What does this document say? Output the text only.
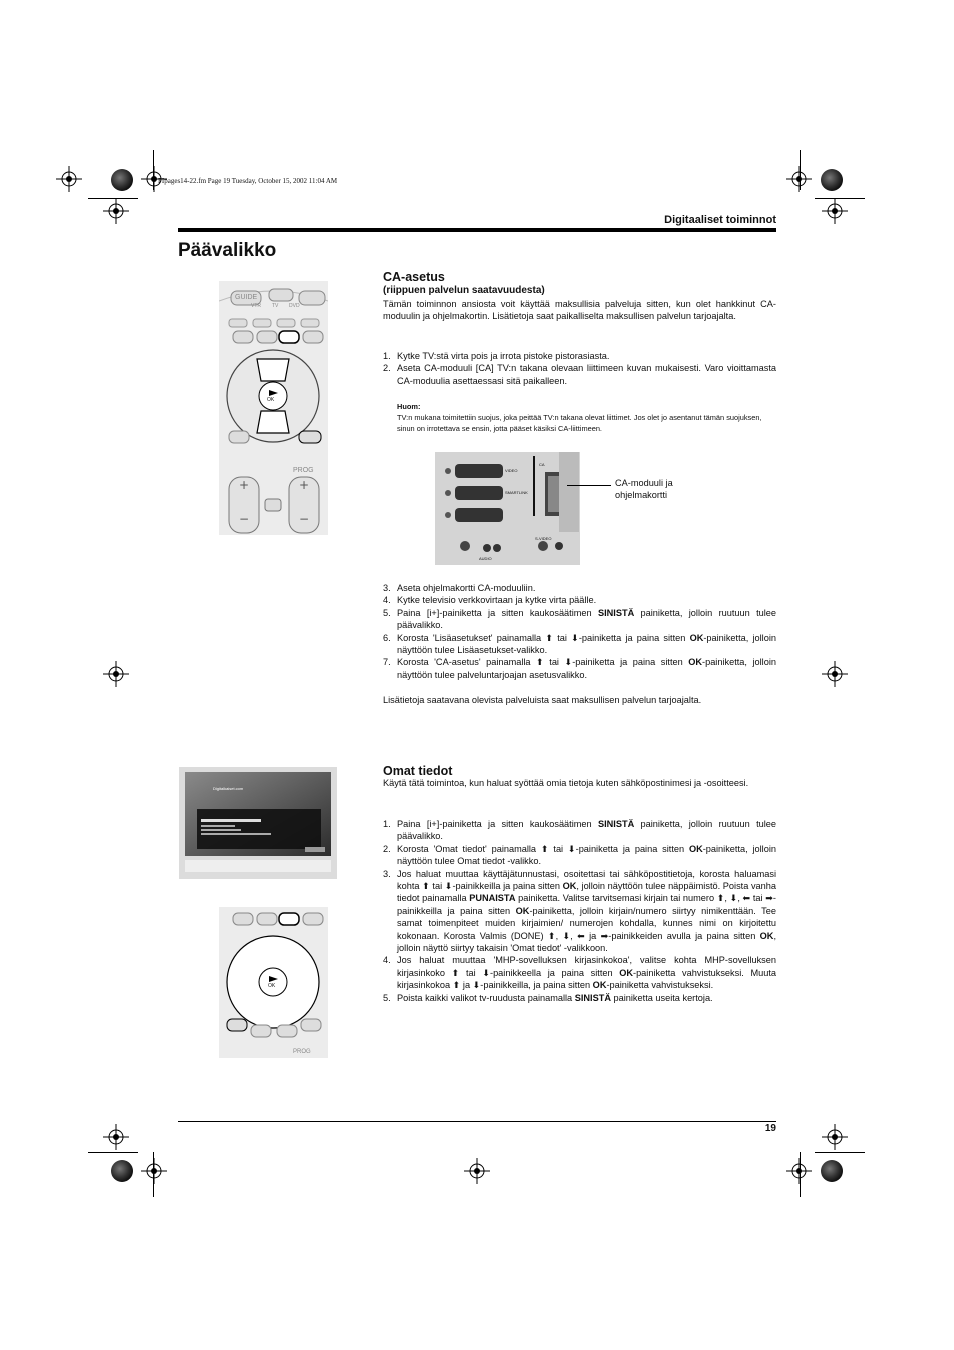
FIpages14-22.fm Page 19 Tuesday, October 15, 2002 11:04 AM
Digitaaliset toiminnot
Päävalikko
+
−
+
−
GUIDE
VTR TV DVD
OK
PROG
CA-asetus
(riippuen palvelun saatavuudesta)

Tämän toiminnon ansiosta voit käyttää maksullisia palveluja sitten, kun olet hankkinut CA-moduulin ja ohjelmakortin. Lisätietoja saat paikalliselta maksullisen palvelun tarjoajalta.

1. Kytke TV:stä virta pois ja irrota pistoke pistorasiasta.
2. Aseta CA-moduuli [CA] TV:n takana olevaan liittimeen kuvan mukaisesti. Varo vioittamasta CA-moduulia asettaessasi sitä paikalleen.
Huom:
TV:n mukana toimitettiin suojus, joka peittää TV:n takana olevat liittimet. Jos olet jo asentanut tämän suojuksen, sinun on irrotettava se ensin, jotta pääset käsiksi CA-liittimeen.
VIDEO
SMARTLINK
CA
S-VIDEO
AUDIO
CA-moduuli ja ohjelmakortti
3. Aseta ohjelmakortti CA-moduuliin.
4. Kytke televisio verkkovirtaan ja kytke virta päälle.
5. Paina [i+]-painiketta ja sitten kaukosäätimen SINISTÄ painiketta, jolloin ruutuun tulee päävalikko.
6. Korosta 'Lisäasetukset' painamalla ⬆ tai ⬇-painiketta ja paina sitten OK-painiketta, jolloin näyttöön tulee Lisäasetukset-valikko.
7. Korosta 'CA-asetus' painamalla ⬆ tai ⬇-painiketta ja paina sitten OK-painiketta, jolloin näyttöön tulee palveluntarjoajan asetusvalikko.

Lisätietoja saatavana olevista palveluista saat maksullisen palvelun tarjoajalta.

Digitalkaiset.com
OK
PROG
Omat tiedot

Käytä tätä toimintoa, kun haluat syöttää omia tietoja kuten sähköpostinimesi ja -osoitteesi.

1. Paina [i+]-painiketta ja sitten kaukosäätimen SINISTÄ painiketta, jolloin ruutuun tulee päävalikko.
2. Korosta 'Omat tiedot' painamalla ⬆ tai ⬇-painiketta ja paina sitten OK-painiketta, jolloin näyttöön tulee Omat tiedot -valikko.
3. Jos haluat muuttaa käyttäjätunnustasi, osoitettasi tai sähköpostitietoja, korosta haluamasi kohta ⬆ tai ⬇-painikkeilla ja paina sitten OK, jolloin näyttöön tulee näppäimistö. Poista vanha tiedot painamalla PUNAISTA painiketta. Valitse tarvitsemasi kirjain tai numero ⬆, ⬇, ⬅ tai ➡-painikkeilla ja paina sitten OK-painiketta, jolloin kirjain/numero siirtyy nimikenttään. Tee samat toimenpiteet muiden kirjaimien/ numerojen kohdalla, kunnes nimi on kirjoitettu kokonaan. Korosta Valmis (DONE) ⬆, ⬇, ⬅ ja ➡-painikkeiden avulla ja paina sitten OK, jolloin näyttö siirtyy takaisin 'Omat tiedot' -valikkoon.
4. Jos haluat muuttaa 'MHP-sovelluksen kirjasinkokoa', valitse kohta MHP-sovelluksen kirjasinkoko ⬆ tai ⬇-painikkeella ja paina sitten OK-painiketta vahvistukseksi. Muuta kirjasinkokoa ⬆ ja ⬇-painikkeilla, ja paina sitten OK-painiketta vahvistukseksi.
5. Poista kaikki valikot tv-ruudusta painamalla SINISTÄ painiketta useita kertoja.
19
